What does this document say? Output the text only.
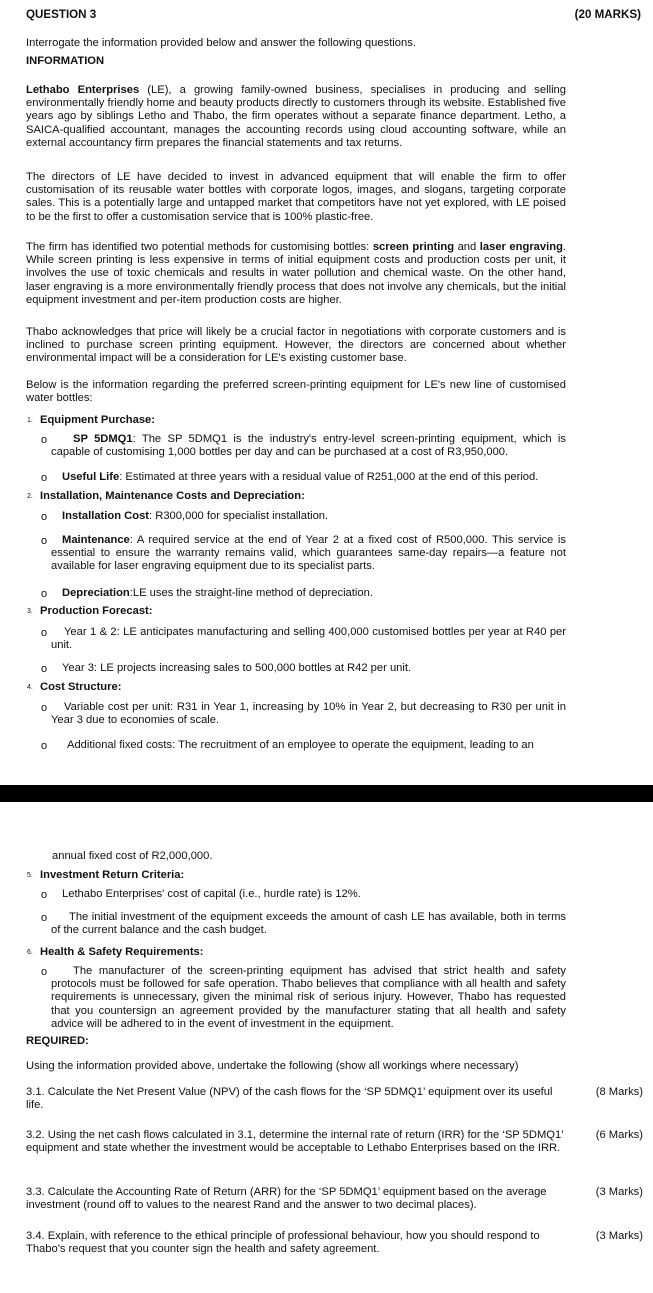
QUESTION 3	(20 MARKS)
Interrogate the information provided below and answer the following questions.
INFORMATION
Lethabo Enterprises (LE), a growing family-owned business, specialises in producing and selling environmentally friendly home and beauty products directly to customers through its website. Established five years ago by siblings Letho and Thabo, the firm operates without a separate finance department. Letho, a SAICA-qualified accountant, manages the accounting records using cloud accounting software, while an external accountancy firm prepares the financial statements and tax returns.
The directors of LE have decided to invest in advanced equipment that will enable the firm to offer customisation of its reusable water bottles with corporate logos, images, and slogans, targeting corporate sales. This is a potentially large and untapped market that competitors have not yet explored, with LE poised to be the first to offer a customisation service that is 100% plastic-free.
The firm has identified two potential methods for customising bottles: screen printing and laser engraving. While screen printing is less expensive in terms of initial equipment costs and production costs per unit, it involves the use of toxic chemicals and results in water pollution and chemical waste. On the other hand, laser engraving is a more environmentally friendly process that does not involve any chemicals, but the initial equipment investment and per-item production costs are higher.
Thabo acknowledges that price will likely be a crucial factor in negotiations with corporate customers and is inclined to purchase screen printing equipment. However, the directors are concerned about whether environmental impact will be a consideration for LE's existing customer base.
Below is the information regarding the preferred screen-printing equipment for LE's new line of customised water bottles:
1. Equipment Purchase:
o	SP 5DMQ1: The SP 5DMQ1 is the industry's entry-level screen-printing equipment, which is capable of customising 1,000 bottles per day and can be purchased at a cost of R3,950,000.
o Useful Life: Estimated at three years with a residual value of R251,000 at the end of this period.
2. Installation, Maintenance Costs and Depreciation:
o Installation Cost: R300,000 for specialist installation.
o	Maintenance: A required service at the end of Year 2 at a fixed cost of R500,000. This service is essential to ensure the warranty remains valid, which guarantees same-day repairs—a feature not available for laser engraving equipment due to its specialist parts.
o Depreciation:LE uses the straight-line method of depreciation.
3. Production Forecast:
o	Year 1 & 2: LE anticipates manufacturing and selling 400,000 customised bottles per year at R40 per unit.
o Year 3: LE projects increasing sales to 500,000 bottles at R42 per unit.
4. Cost Structure:
o	Variable cost per unit: R31 in Year 1, increasing by 10% in Year 2, but decreasing to R30 per unit in Year 3 due to economies of scale.
o Additional fixed costs: The recruitment of an employee to operate the equipment, leading to an
annual fixed cost of R2,000,000.
5. Investment Return Criteria:
o Lethabo Enterprises' cost of capital (i.e., hurdle rate) is 12%.
o	The initial investment of the equipment exceeds the amount of cash LE has available, both in terms of the current balance and the cash budget.
6. Health & Safety Requirements:
o	The manufacturer of the screen-printing equipment has advised that strict health and safety protocols must be followed for safe operation. Thabo believes that compliance with all health and safety requirements is unnecessary, given the minimal risk of serious injury. However, Thabo has requested that you countersign an agreement provided by the manufacturer stating that all health and safety advice will be adhered to in the event of investment in the equipment.
REQUIRED:
Using the information provided above, undertake the following (show all workings where necessary)
3.1. Calculate the Net Present Value (NPV) of the cash flows for the ‘SP 5DMQ1’ equipment over its useful life.
(8 Marks)
3.2. Using the net cash flows calculated in 3.1, determine the internal rate of return (IRR) for the ‘SP 5DMQ1’ equipment and state whether the investment would be acceptable to Lethabo Enterprises based on the IRR.
(6 Marks)
3.3. Calculate the Accounting Rate of Return (ARR) for the ‘SP 5DMQ1’ equipment based on the average investment (round off to values to the nearest Rand and the answer to two decimal places).
(3 Marks)
3.4. Explain, with reference to the ethical principle of professional behaviour, how you should respond to Thabo's request that you counter sign the health and safety agreement.
(3 Marks)
